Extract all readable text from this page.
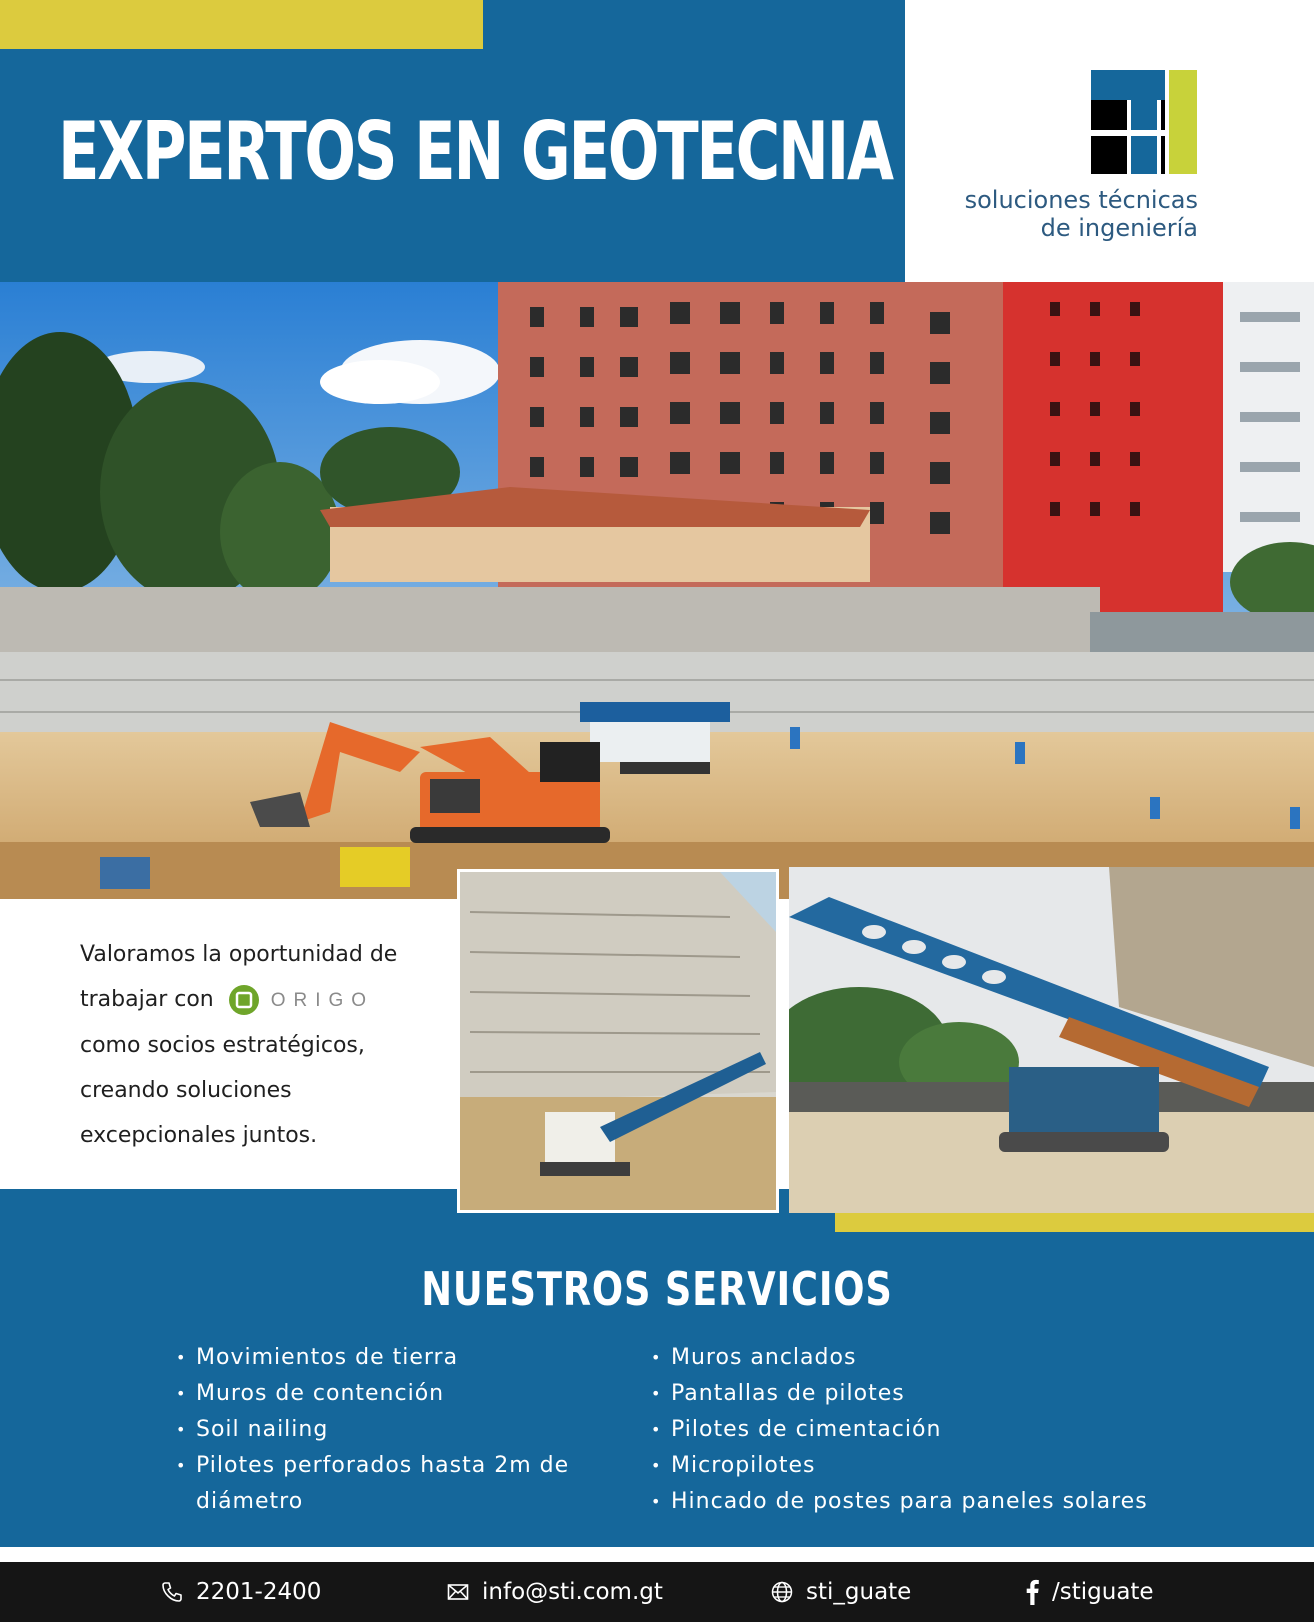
EXPERTOS EN GEOTECNIA
soluciones técnicas
de ingeniería
Valoramos la oportunidad de
trabajar con	ORIGO
como socios estratégicos,
creando soluciones
excepcionales juntos.
NUESTROS SERVICIOS
• Movimientos de tierra
• Muros de contención
• Soil nailing
• Pilotes perforados hasta 2m de diámetro
• Muros anclados
• Pantallas de pilotes
• Pilotes de cimentación
• Micropilotes
• Hincado de postes para paneles solares
2201-2400	info@sti.com.gt	sti_guate	/stiguate
